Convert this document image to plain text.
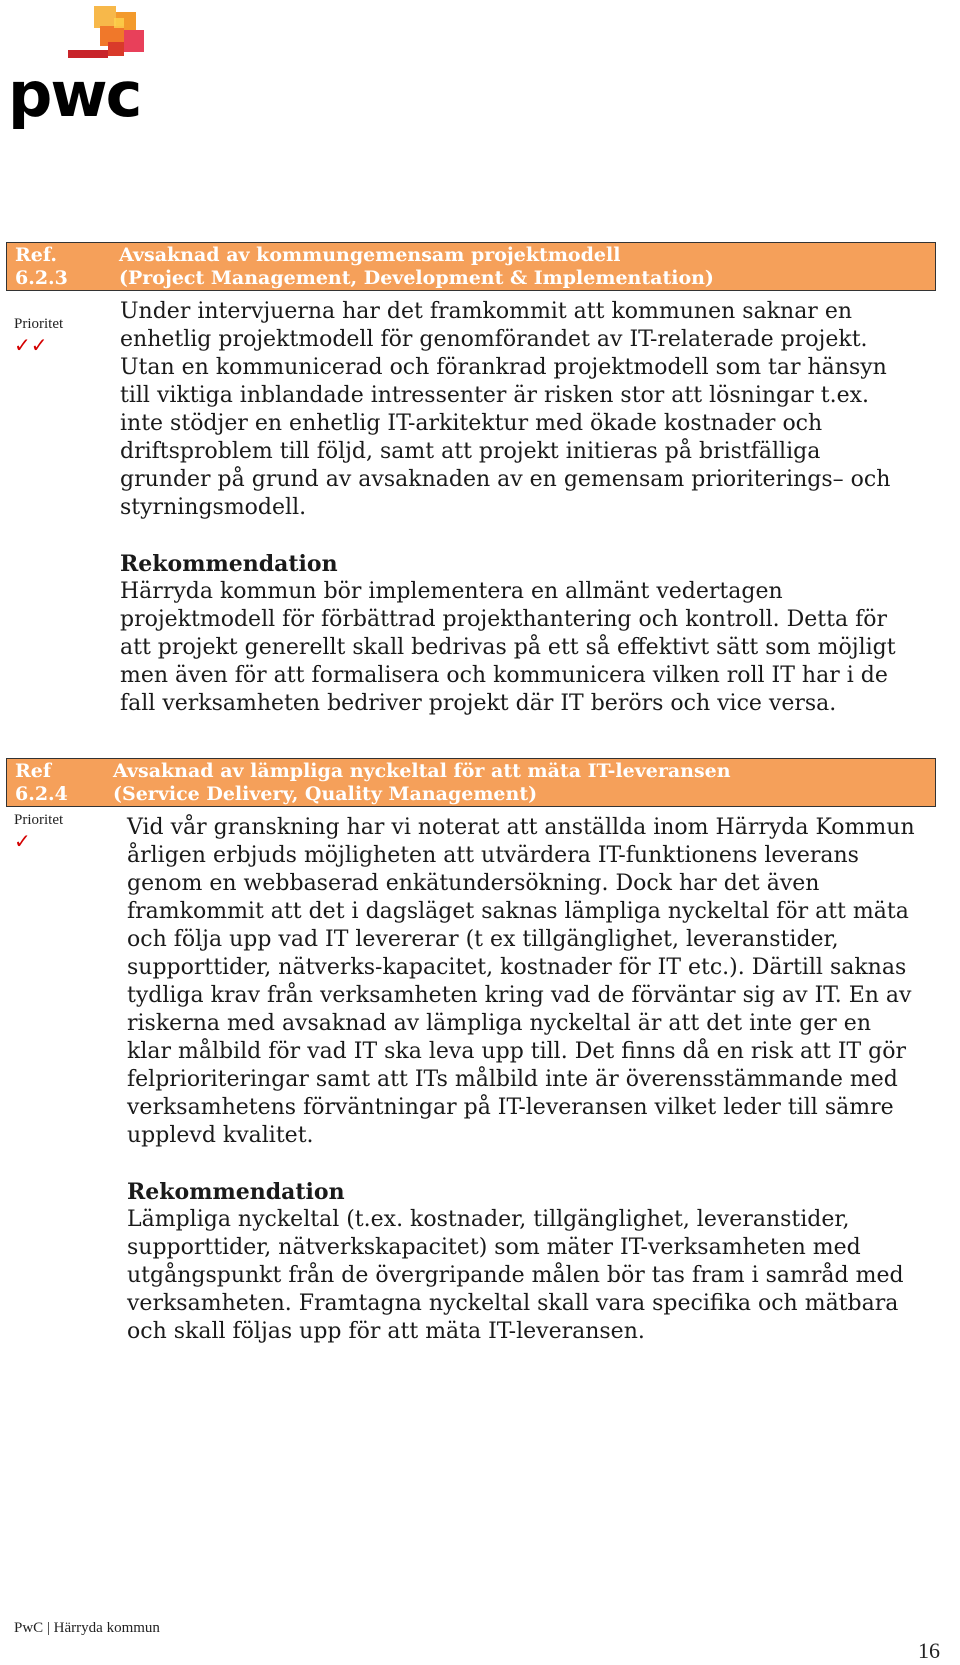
pwc
Ref.
6.2.3
Avsaknad av kommungemensam projektmodell
(Project Management, Development & Implementation)
Prioritet
✓✓

Under intervjuerna har det framkommit att kommunen saknar en enhetlig projektmodell för genomförandet av IT-relaterade projekt. Utan en kommunicerad och förankrad projektmodell som tar hänsyn till viktiga inblandade intressenter är risken stor att lösningar t.ex. inte stödjer en enhetlig IT-arkitektur med ökade kostnader och driftsproblem till följd, samt att projekt initieras på bristfälliga grunder på grund av avsaknaden av en gemensam prioriterings– och styrningsmodell.

Rekommendation

Härryda kommun bör implementera en allmänt vedertagen projektmodell för förbättrad projekthantering och kontroll. Detta för att projekt generellt skall bedrivas på ett så effektivt sätt som möjligt men även för att formalisera och kommunicera vilken roll IT har i de fall verksamheten bedriver projekt där IT berörs och vice versa.

Ref
6.2.4
Avsaknad av lämpliga nyckeltal för att mäta IT-leveransen
(Service Delivery, Quality Management)
Prioritet
✓

Vid vår granskning har vi noterat att anställda inom Härryda Kommun årligen erbjuds möjligheten att utvärdera IT-funktionens leverans genom en webbaserad enkätundersökning. Dock har det även framkommit att det i dagsläget saknas lämpliga nyckeltal för att mäta och följa upp vad IT levererar (t ex tillgänglighet, leveranstider, supporttider, nätverks-kapacitet, kostnader för IT etc.). Därtill saknas tydliga krav från verksamheten kring vad de förväntar sig av IT. En av riskerna med avsaknad av lämpliga nyckeltal är att det inte ger en klar målbild för vad IT ska leva upp till. Det finns då en risk att IT gör felprioriteringar samt att ITs målbild inte är överensstämmande med verksamhetens förväntningar på IT-leveransen vilket leder till sämre upplevd kvalitet.

Rekommendation

Lämpliga nyckeltal (t.ex. kostnader, tillgänglighet, leveranstider, supporttider, nätverkskapacitet) som mäter IT-verksamheten med utgångspunkt från de övergripande målen bör tas fram i samråd med verksamheten. Framtagna nyckeltal skall vara specifika och mätbara och skall följas upp för att mäta IT-leveransen.

PwC | Härryda kommun
16
